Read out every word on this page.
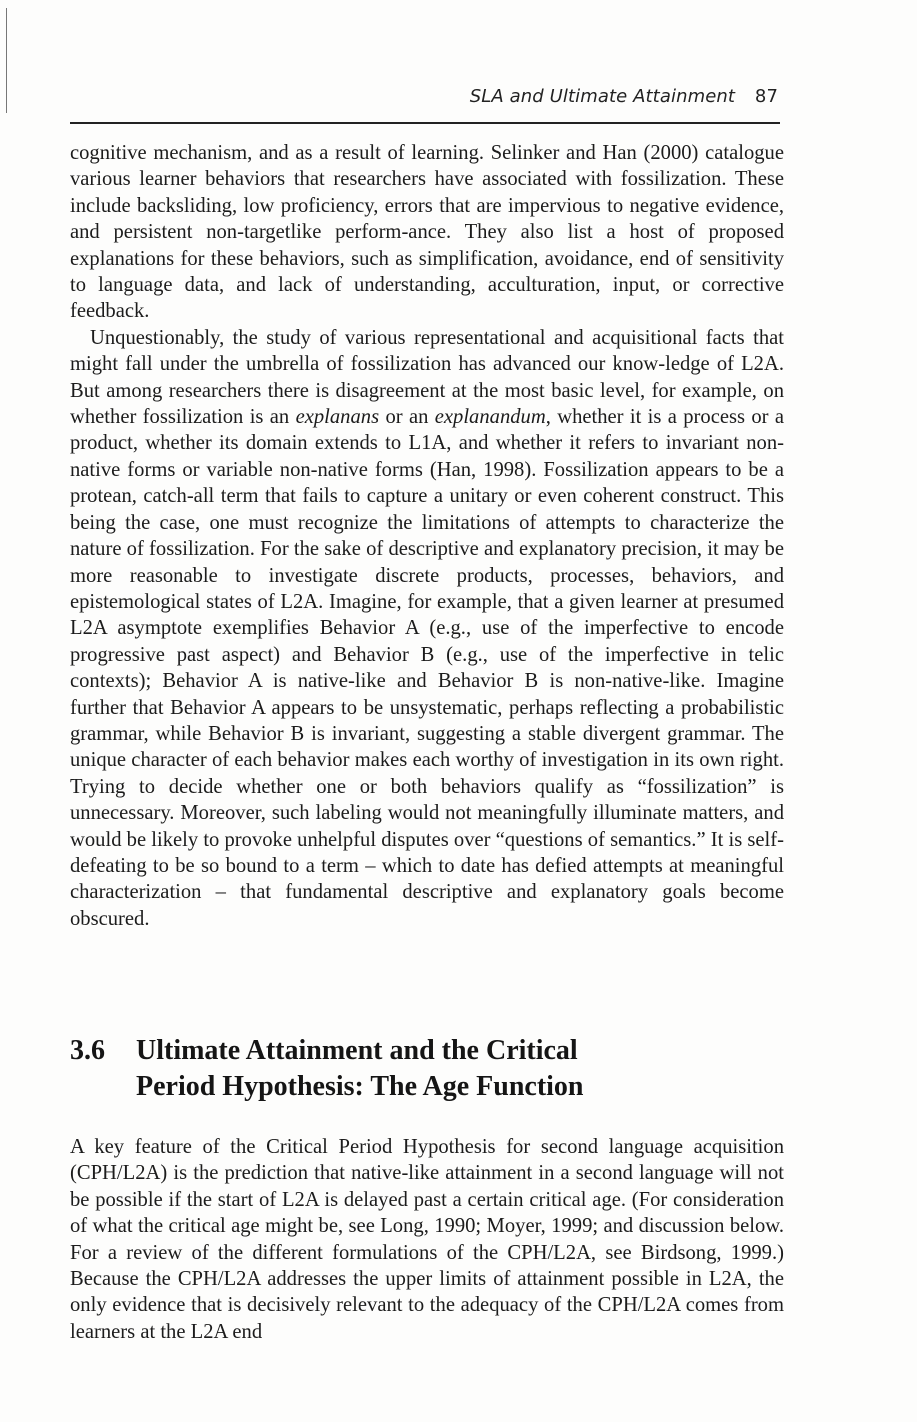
SLA and Ultimate Attainment 87

cognitive mechanism, and as a result of learning. Selinker and Han (2000) catalogue various learner behaviors that researchers have associated with fossilization. These include backsliding, low proficiency, errors that are impervious to negative evidence, and persistent non-targetlike perform-ance. They also list a host of proposed explanations for these behaviors, such as simplification, avoidance, end of sensitivity to language data, and lack of understanding, acculturation, input, or corrective feedback.

Unquestionably, the study of various representational and acquisitional facts that might fall under the umbrella of fossilization has advanced our know-ledge of L2A. But among researchers there is disagreement at the most basic level, for example, on whether fossilization is an explanans or an explanandum, whether it is a process or a product, whether its domain extends to L1A, and whether it refers to invariant non-native forms or variable non-native forms (Han, 1998). Fossilization appears to be a protean, catch-all term that fails to capture a unitary or even coherent construct. This being the case, one must recognize the limitations of attempts to characterize the nature of fossilization. For the sake of descriptive and explanatory precision, it may be more reasonable to investigate discrete products, processes, behaviors, and epistemological states of L2A. Imagine, for example, that a given learner at presumed L2A asymptote exemplifies Behavior A (e.g., use of the imperfective to encode progressive past aspect) and Behavior B (e.g., use of the imperfective in telic contexts); Behavior A is native-like and Behavior B is non-native-like. Imagine further that Behavior A appears to be unsystematic, perhaps reflecting a probabilistic grammar, while Behavior B is invariant, suggesting a stable divergent grammar. The unique character of each behavior makes each worthy of investigation in its own right. Trying to decide whether one or both behaviors qualify as “fossilization” is unnecessary. Moreover, such labeling would not meaningfully illuminate matters, and would be likely to provoke unhelpful disputes over “questions of semantics.” It is self-defeating to be so bound to a term – which to date has defied attempts at meaningful characterization – that fundamental descriptive and explanatory goals become obscured.

3.6 Ultimate Attainment and the Critical
Period Hypothesis: The Age Function

A key feature of the Critical Period Hypothesis for second language acquisition (CPH/L2A) is the prediction that native-like attainment in a second language will not be possible if the start of L2A is delayed past a certain critical age. (For consideration of what the critical age might be, see Long, 1990; Moyer, 1999; and discussion below. For a review of the different formulations of the CPH/L2A, see Birdsong, 1999.) Because the CPH/L2A addresses the upper limits of attainment possible in L2A, the only evidence that is decisively relevant to the adequacy of the CPH/L2A comes from learners at the L2A end
